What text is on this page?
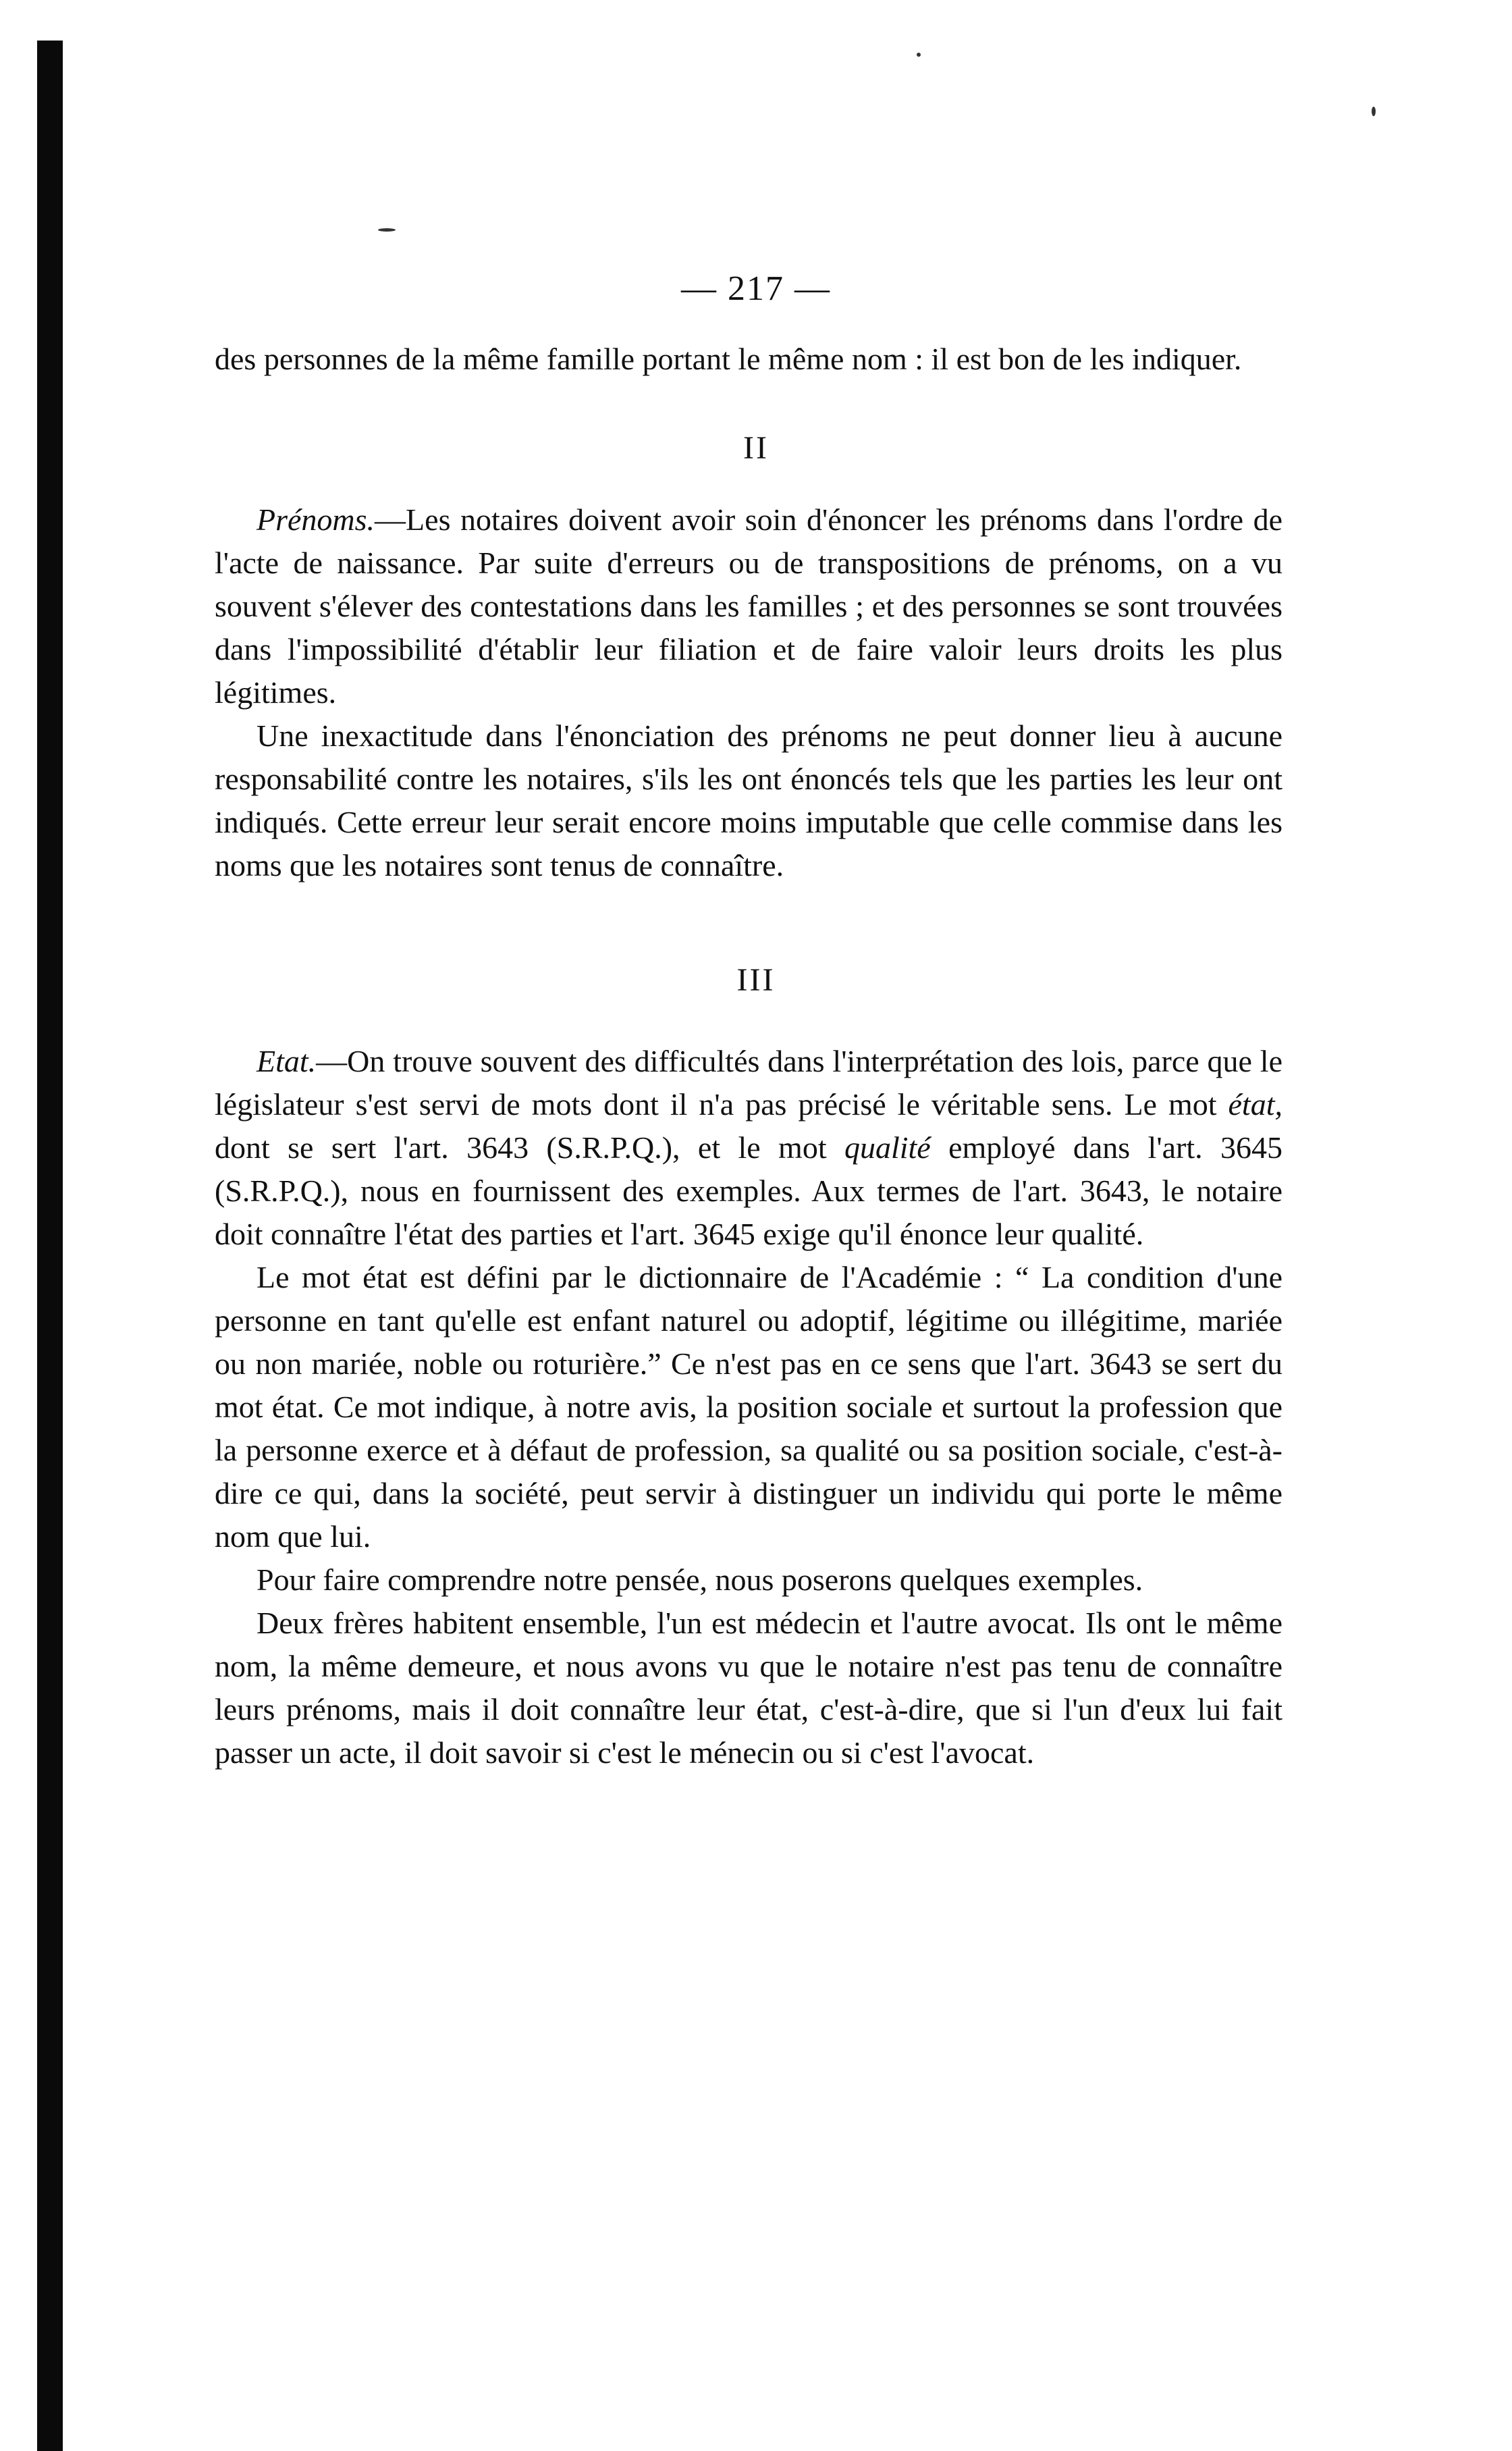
— 217 —

des personnes de la même famille portant le même nom : il est bon de les indiquer.

II

Prénoms.—Les notaires doivent avoir soin d'énoncer les prénoms dans l'ordre de l'acte de naissance. Par suite d'erreurs ou de transpositions de prénoms, on a vu souvent s'élever des contestations dans les familles ; et des personnes se sont trouvées dans l'impossibilité d'établir leur filiation et de faire valoir leurs droits les plus légitimes.

Une inexactitude dans l'énonciation des prénoms ne peut donner lieu à aucune responsabilité contre les notaires, s'ils les ont énoncés tels que les parties les leur ont indiqués. Cette erreur leur serait encore moins imputable que celle commise dans les noms que les notaires sont tenus de connaître.

III

Etat.—On trouve souvent des difficultés dans l'interprétation des lois, parce que le législateur s'est servi de mots dont il n'a pas précisé le véritable sens. Le mot état, dont se sert l'art. 3643 (S.R.P.Q.), et le mot qualité employé dans l'art. 3645 (S.R.P.Q.), nous en fournissent des exemples. Aux termes de l'art. 3643, le notaire doit connaître l'état des parties et l'art. 3645 exige qu'il énonce leur qualité.

Le mot état est défini par le dictionnaire de l'Académie : “ La condition d'une personne en tant qu'elle est enfant naturel ou adoptif, légitime ou illégitime, mariée ou non mariée, noble ou roturière.” Ce n'est pas en ce sens que l'art. 3643 se sert du mot état. Ce mot indique, à notre avis, la position sociale et surtout la profession que la personne exerce et à défaut de profession, sa qualité ou sa position sociale, c'est-à-dire ce qui, dans la société, peut servir à distinguer un individu qui porte le même nom que lui.

Pour faire comprendre notre pensée, nous poserons quelques exemples.

Deux frères habitent ensemble, l'un est médecin et l'autre avocat. Ils ont le même nom, la même demeure, et nous avons vu que le notaire n'est pas tenu de connaître leurs prénoms, mais il doit connaître leur état, c'est-à-dire, que si l'un d'eux lui fait passer un acte, il doit savoir si c'est le ménecin ou si c'est l'avocat.
